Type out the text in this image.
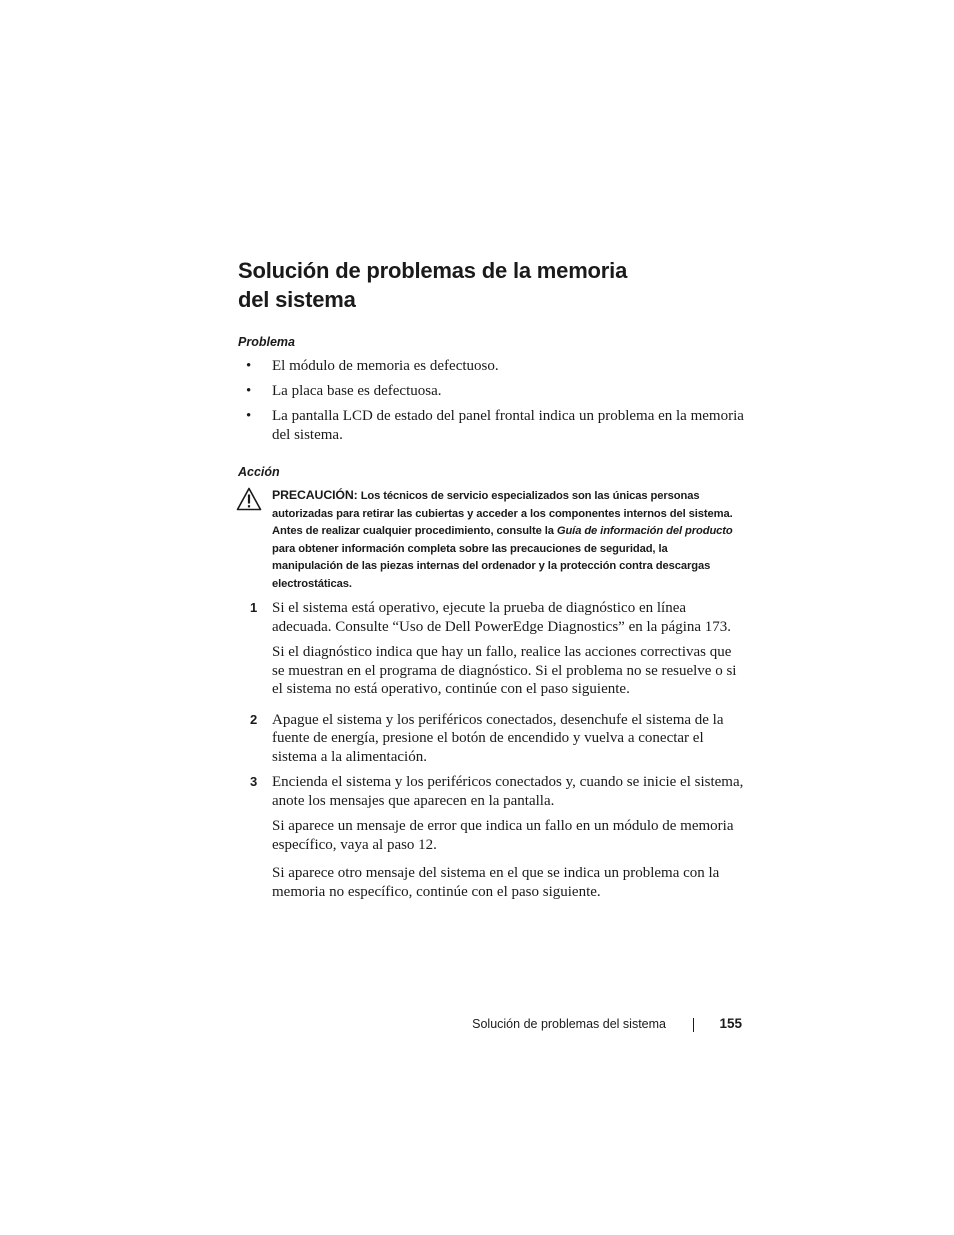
Solución de problemas de la memoria
del sistema
Problema
• El módulo de memoria es defectuoso.
• La placa base es defectuosa.
• La pantalla LCD de estado del panel frontal indica un problema en la memoria del sistema.
Acción
PRECAUCIÓN: Los técnicos de servicio especializados son las únicas personas autorizadas para retirar las cubiertas y acceder a los componentes internos del sistema. Antes de realizar cualquier procedimiento, consulte la Guía de información del producto para obtener información completa sobre las precauciones de seguridad, la manipulación de las piezas internas del ordenador y la protección contra descargas electrostáticas.
1 Si el sistema está operativo, ejecute la prueba de diagnóstico en línea adecuada. Consulte “Uso de Dell PowerEdge Diagnostics” en la página 173.

Si el diagnóstico indica que hay un fallo, realice las acciones correctivas que se muestran en el programa de diagnóstico. Si el problema no se resuelve o si el sistema no está operativo, continúe con el paso siguiente.

2 Apague el sistema y los periféricos conectados, desenchufe el sistema de la fuente de energía, presione el botón de encendido y vuelva a conectar el sistema a la alimentación.

3 Encienda el sistema y los periféricos conectados y, cuando se inicie el sistema, anote los mensajes que aparecen en la pantalla.

Si aparece un mensaje de error que indica un fallo en un módulo de memoria específico, vaya al paso 12.

Si aparece otro mensaje del sistema en el que se indica un problema con la memoria no específico, continúe con el paso siguiente.

Solución de problemas del sistema	155
